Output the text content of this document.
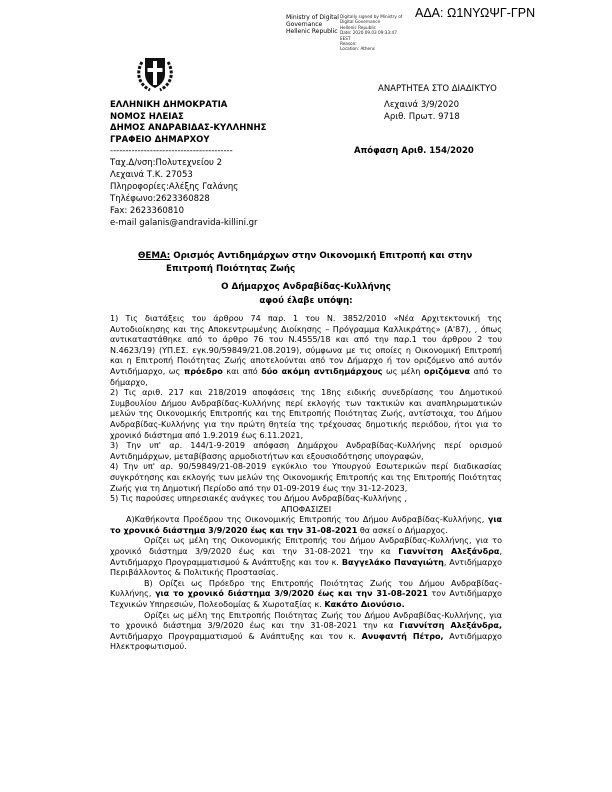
ΑΔΑ: Ω1ΝΥΩΨΓ-ΓΡΝ
Ministry of Digital
Governance
Hellenic Republic
Digitally signed by Ministry of
Digital Governance
Hellenic Republic
Date: 2020.09.03 09:33:47
EEST
Reason:
Location: Athens
ΑΝΑΡΤΗΤΕΑ ΣΤΟ ΔΙΑΔΙΚΤΥΟ
ΕΛΛΗΝΙΚΗ ΔΗΜΟΚΡΑΤΙΑ
ΝΟΜΟΣ ΗΛΕΙΑΣ
ΔΗΜΟΣ ΑΝΔΡΑΒΙΔΑΣ-ΚΥΛΛΗΝΗΣ
ΓΡΑΦΕΙΟ ΔΗΜΑΡΧΟΥ
----------------------------------------
Λεχαινά 3/9/2020
Αριθ. Πρωτ. 9718
Απόφαση Αριθ. 154/2020
Ταχ.Δ/νση:Πολυτεχνείου 2
Λεχαινά Τ.Κ. 27053
Πληροφορίες:Αλέξης Γαλάνης
Τηλέφωνο:2623360828
Fax: 2623360810
e-mail galanis@andravida-killini.gr
ΘΕΜΑ: Ορισμός Αντιδημάρχων στην Οικονομική Επιτροπή και στην
Επιτροπή Ποιότητας Ζωής
Ο Δήμαρχος Ανδραβίδας-Κυλλήνης
αφού έλαβε υπόψη:

1) Τις διατάξεις του άρθρου 74 παρ. 1 του Ν. 3852/2010 «Νέα Αρχιτεκτονική της Αυτοδιοίκησης και της Αποκεντρωμένης Διοίκησης – Πρόγραμμα Καλλικράτης» (Α'87), , όπως αντικαταστάθηκε από το άρθρο 76 του Ν.4555/18 και από την παρ.1 του άρθρου 2 του Ν.4623/19) (ΥΠ.ΕΣ. εγκ.90/59849/21.08.2019), σύμφωνα με τις οποίες η Οικονομική Επιτροπή και η Επιτροπή Ποιότητας Ζωής αποτελούνται από τον Δήμαρχο ή τον οριζόμενο από αυτόν Αντιδήμαρχο, ως πρόεδρο και από δύο ακόμη αντιδημάρχους ως μέλη οριζόμενα από το δήμαρχο,

2) Τις αριθ. 217 και 218/2019 αποφάσεις της 18ης ειδικής συνεδρίασης του Δημοτικού Συμβουλίου Δήμου Ανδραβίδας-Κυλλήνης περί εκλογής των τακτικών και αναπληρωματικών μελών της Οικονομικής Επιτροπής και της Επιτροπής Ποιότητας Ζωής, αντίστοιχα, του Δήμου Ανδραβίδας-Κυλλήνης για την πρώτη θητεία της τρέχουσας δημοτικής περιόδου, ήτοι για το χρονικό διάστημα από 1.9.2019 έως 6.11.2021,

3) Την υπ' αρ. 144/1-9-2019 απόφαση Δημάρχου Ανδραβίδας-Κυλλήνης περί ορισμού Αντιδημάρχων, μεταβίβασης αρμοδιοτήτων και εξουσιοδότησης υπογραφών,

4) Την υπ' αρ. 90/59849/21-08-2019 εγκύκλιο του Υπουργού Εσωτερικών περί διαδικασίας συγκρότησης και εκλογής των μελών της Οικονομικής Επιτροπής και της Επιτροπής Ποιότητας Ζωής για τη Δημοτική Περίοδο από την 01-09-2019 έως την 31-12-2023,

5) Τις παρούσες υπηρεσιακές ανάγκες του Δήμου Ανδραβίδας-Κυλλήνης ,

ΑΠΟΦΑΣΙΖΕΙ

Α)Καθήκοντα Προέδρου της Οικονομικής Επιτροπής του Δήμου Ανδραβίδας-Κυλλήνης, για το χρονικό διάστημα 3/9/2020 έως και την 31-08-2021 θα ασκεί ο Δήμαρχος.

Ορίζει ως μέλη της Οικονομικής Επιτροπής του Δήμου Ανδραβίδας-Κυλλήνης, για το χρονικό διάστημα 3/9/2020 έως και την 31-08-2021 την κα Γιαννίτση Αλεξάνδρα, Αντιδήμαρχο Προγραμματισμού & Ανάπτυξης και τον κ. Βαγγελάκο Παναγιώτη, Αντιδήμαρχο Περιβάλλοντος & Πολιτικής Προστασίας.

Β) Ορίζει ως Πρόεδρο της Επιτροπής Ποιότητας Ζωής του Δήμου Ανδραβίδας-Κυλλήνης, για το χρονικό διάστημα 3/9/2020 έως και την 31-08-2021 τον Αντιδήμαρχο Τεχνικών Υπηρεσιών, Πολεοδομίας & Χωροταξίας κ. Κακάτο Διονύσιο.

Ορίζει ως μέλη της Επιτροπής Ποιότητας Ζωής του Δήμου Ανδραβίδας-Κυλλήνης, για το χρονικό διάστημα 3/9/2020 έως και την 31-08-2021 την κα Γιαννίτση Αλεξάνδρα, Αντιδήμαρχο Προγραμματισμού & Ανάπτυξης και τον κ. Ανυφαντή Πέτρο, Αντιδήμαρχο Ηλεκτροφωτισμού.
